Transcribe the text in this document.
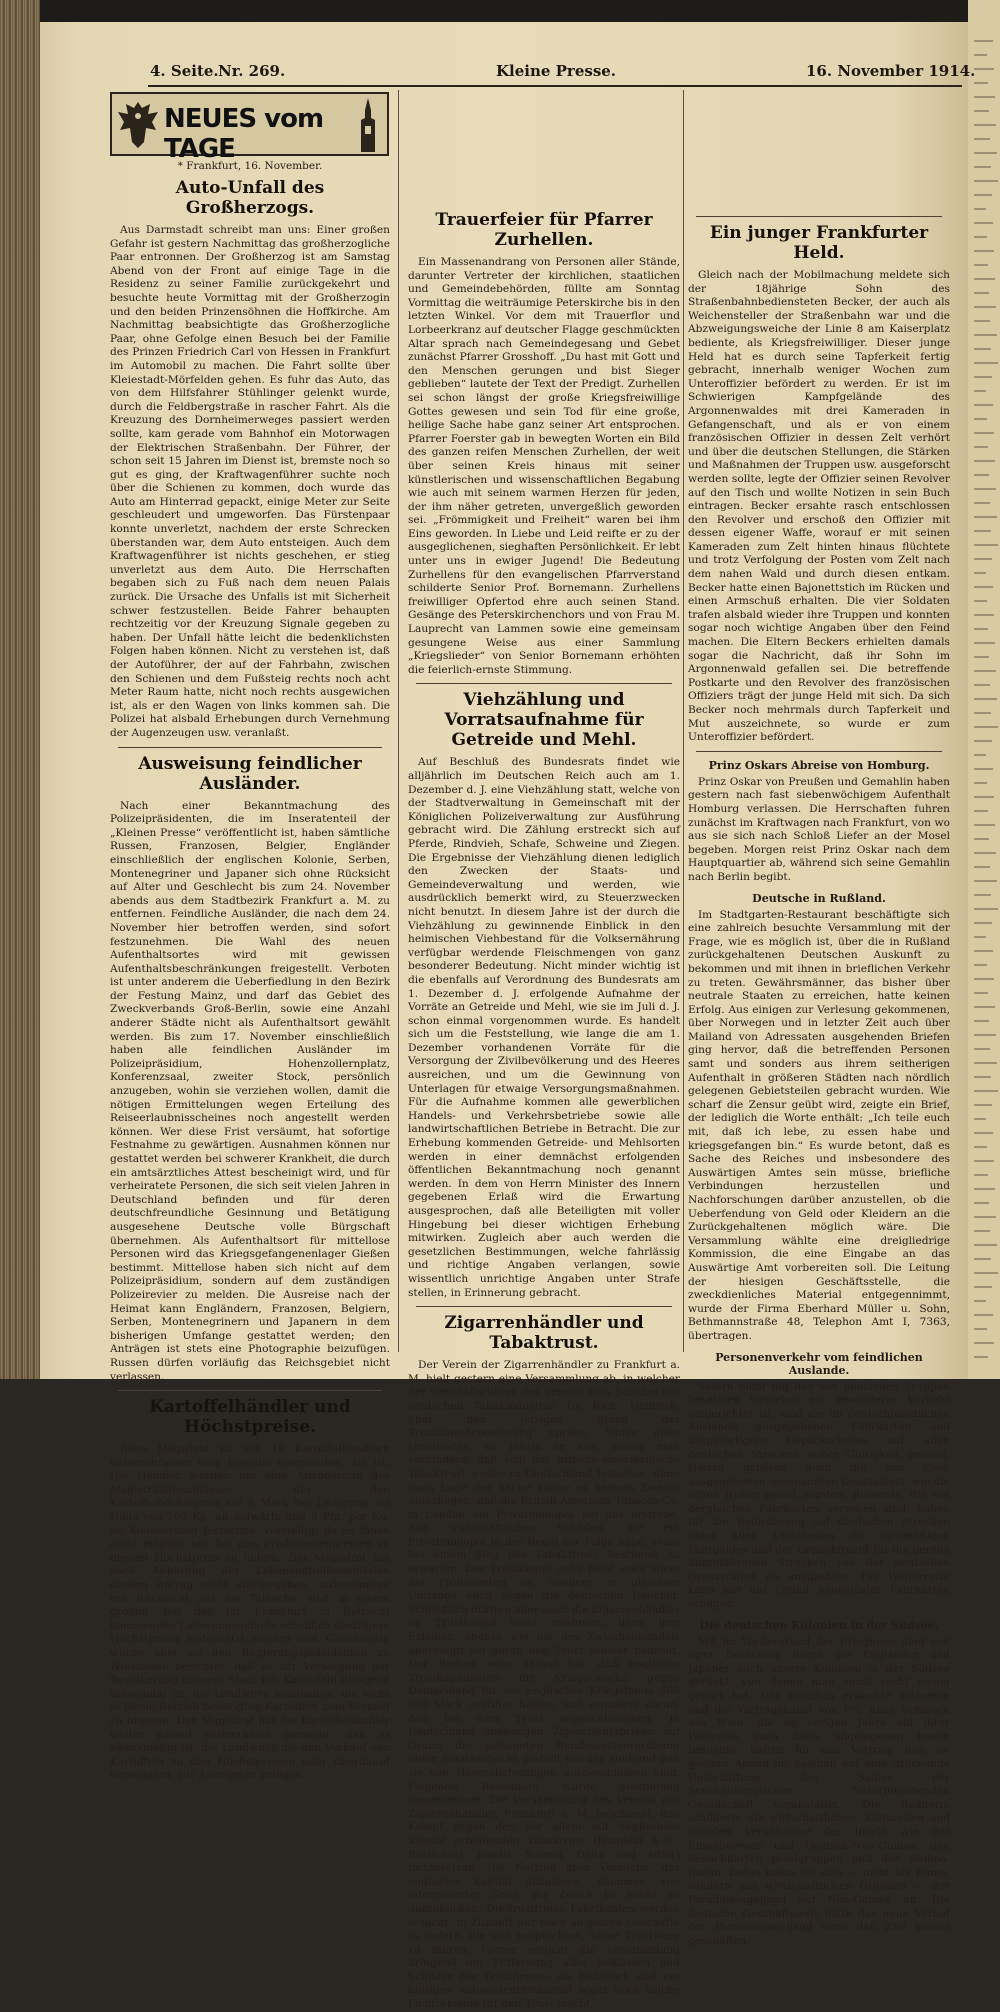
4. Seite. Nr. 269.	Kleine Presse.	16. November 1914.
NEUES vom TAGE
* Frankfurt, 16. November.
Auto-Unfall des Großherzogs.

Aus Darmstadt schreibt man uns: Einer großen Gefahr ist gestern Nachmittag das großherzogliche Paar entronnen. Der Großherzog ist am Samstag Abend von der Front auf einige Tage in die Residenz zu seiner Familie zurückgekehrt und besuchte heute Vormittag mit der Großherzogin und den beiden Prinzensöhnen die Hoffkirche. Am Nachmittag beabsichtigte das Großherzogliche Paar, ohne Gefolge einen Besuch bei der Familie des Prinzen Friedrich Carl von Hessen in Frankfurt im Automobil zu machen. Die Fahrt sollte über Kleiestadt-Mörfelden gehen. Es fuhr das Auto, das von dem Hilfsfahrer Stühlinger gelenkt wurde, durch die Feldbergstraße in rascher Fahrt. Als die Kreuzung des Dornheimerweges passiert werden sollte, kam gerade vom Bahnhof ein Motorwagen der Elektrischen Straßenbahn. Der Führer, der schon seit 15 Jahren im Dienst ist, bremste noch so gut es ging, der Kraftwagenführer suchte noch über die Schienen zu kommen, doch wurde das Auto am Hinterrad gepackt, einige Meter zur Seite geschleudert und umgeworfen. Das Fürstenpaar konnte unverletzt, nachdem der erste Schrecken überstanden war, dem Auto entsteigen. Auch dem Kraftwagenführer ist nichts geschehen, er stieg unverletzt aus dem Auto. Die Herrschaften begaben sich zu Fuß nach dem neuen Palais zurück. Die Ursache des Unfalls ist mit Sicherheit schwer festzustellen. Beide Fahrer behaupten rechtzeitig vor der Kreuzung Signale gegeben zu haben. Der Unfall hätte leicht die bedenklichsten Folgen haben können. Nicht zu verstehen ist, daß der Autoführer, der auf der Fahrbahn, zwischen den Schienen und dem Fußsteig rechts noch acht Meter Raum hatte, nicht noch rechts ausgewichen ist, als er den Wagen von links kommen sah. Die Polizei hat alsbald Erhebungen durch Vernehmung der Augenzeugen usw. veranlaßt.

Ausweisung feindlicher Ausländer.

Nach einer Bekanntmachung des Polizeipräsidenten, die im Inseratenteil der „Kleinen Presse“ veröffentlicht ist, haben sämtliche Russen, Franzosen, Belgier, Engländer einschließlich der englischen Kolonie, Serben, Montenegriner und Japaner sich ohne Rücksicht auf Alter und Geschlecht bis zum 24. November abends aus dem Stadtbezirk Frankfurt a. M. zu entfernen. Feindliche Ausländer, die nach dem 24. November hier betroffen werden, sind sofort festzunehmen. Die Wahl des neuen Aufenthaltsortes wird mit gewissen Aufenthaltsbeschränkungen freigestellt. Verboten ist unter anderem die Ueberfiedlung in den Bezirk der Festung Mainz, und darf das Gebiet des Zweckverbands Groß-Berlin, sowie eine Anzahl anderer Städte nicht als Aufenthaltsort gewählt werden. Bis zum 17. November einschließlich haben alle feindlichen Ausländer im Polizeipräsidium, Hohenzollernplatz, Konferenzsaal, zweiter Stock, persönlich anzugeben, wohin sie verziehen wollen, damit die nötigen Ermittelungen wegen Erteilung des Reiseerlaubnisscheines noch angestellt werden können. Wer diese Frist versäumt, hat sofortige Festnahme zu gewärtigen. Ausnahmen können nur gestattet werden bei schwerer Krankheit, die durch ein amtsärztliches Attest bescheinigt wird, und für verheiratete Personen, die sich seit vielen Jahren in Deutschland befinden und für deren deutschfreundliche Gesinnung und Betätigung ausgesehene Deutsche volle Bürgschaft übernehmen. Als Aufenthaltsort für mittellose Personen wird das Kriegsgefangenenlager Gießen bestimmt. Mittellose haben sich nicht auf dem Polizeipräsidium, sondern auf dem zuständigen Polizeirevier zu melden. Die Ausreise nach der Heimat kann Engländern, Franzosen, Belgiern, Serben, Montenegrinern und Japanern in dem bisherigen Umfange gestattet werden; den Anträgen ist stets eine Photographie beizufügen. Russen dürfen vorläufig das Reichsgebiet nicht verlassen.

Kartoffelhändler und Höchstpreise.

Beim Magistrat ist von 19 Kartoffelhändlern unterschrieben eine Eingabe eingelaufen, die ist: Die Händler werden um eine Abänderung des Magistratsbeschlusses, der den Kartoffelhöchstpreis auf 8 Mark bei Lieferung ins Haus von 100 Kg. an aufwärts und 9 Pfg. per Kg. im Kleinverkauf festsetzte, vorstellig, da es ihnen nicht möglich sei, bei den Produzentenpreisen zu diesem Höchstpreis zu liefern. Der Magistrat hat nach Anhörung der Lebensmittelkommission diesem Antrag nicht stattgegeben, insbesondere mit Rücksicht auf die Tatsache, daß in einem großen Teil des für Frankfurt in Betracht kommenden Lieferungsgebiets erheblich niedrigere Höchstpreise festgesetzt worden sind. Gleichzeitig wurde aber an den Regierungspräsidenten zu Wiesbaden berichtet, daß es zur Versorgung der Bevölkerung unserer Stadt mit Kartoffeln dringend notwendig ist, die Landwirte anzuhalten, die nicht in ihrem Betrieb benötigten Kartoffeln zum Verkauf zu bringen. Der Magistrat hat die Kartoffelhändler weiter darauf aufmerksam gemacht, daß es zweckmäßig ist, die Landwirte die den Verkauf von Kartoffeln zu den Höchstpreisen oder überhaupt verweigern, zur Anzeige zu bringen.

Trauerfeier für Pfarrer Zurhellen.

Ein Massenandrang von Personen aller Stände, darunter Vertreter der kirchlichen, staatlichen und Gemeindebehörden, füllte am Sonntag Vormittag die weiträumige Peterskirche bis in den letzten Winkel. Vor dem mit Trauerflor und Lorbeerkranz auf deutscher Flagge geschmückten Altar sprach nach Gemeindegesang und Gebet zunächst Pfarrer Grosshoff. „Du hast mit Gott und den Menschen gerungen und bist Sieger geblieben“ lautete der Text der Predigt. Zurhellen sei schon längst der große Kriegsfreiwillige Gottes gewesen und sein Tod für eine große, heilige Sache habe ganz seiner Art entsprochen. Pfarrer Foerster gab in bewegten Worten ein Bild des ganzen reifen Menschen Zurhellen, der weit über seinen Kreis hinaus mit seiner künstlerischen und wissenschaftlichen Begabung wie auch mit seinem warmen Herzen für jeden, der ihm näher getreten, unvergeßlich geworden sei. „Frömmigkeit und Freiheit“ waren bei ihm Eins geworden. In Liebe und Leid reifte er zu der ausgeglichenen, sieghaften Persönlichkeit. Er lebt unter uns in ewiger Jugend! Die Bedeutung Zurhellens für den evangelischen Pfarrverstand schilderte Senior Prof. Bornemann. Zurhellens freiwilliger Opfertod ehre auch seinen Stand. Gesänge des Peterskirchenchors und von Frau M. Lauprecht van Lammen sowie eine gemeinsam gesungene Weise aus einer Sammlung „Kriegslieder“ von Senior Bornemann erhöhten die feierlich-ernste Stimmung.

Viehzählung und Vorratsaufnahme für Getreide und Mehl.

Auf Beschluß des Bundesrats findet wie alljährlich im Deutschen Reich auch am 1. Dezember d. J. eine Viehzählung statt, welche von der Stadtverwaltung in Gemeinschaft mit der Königlichen Polizeiverwaltung zur Ausführung gebracht wird. Die Zählung erstreckt sich auf Pferde, Rindvieh, Schafe, Schweine und Ziegen. Die Ergebnisse der Viehzählung dienen lediglich den Zwecken der Staats- und Gemeindeverwaltung und werden, wie ausdrücklich bemerkt wird, zu Steuerzwecken nicht benutzt. In diesem Jahre ist der durch die Viehzählung zu gewinnende Einblick in den heimischen Viehbestand für die Volksernährung verfügbar werdende Fleischmengen von ganz besonderer Bedeutung. Nicht minder wichtig ist die ebenfalls auf Verordnung des Bundesrats am 1. Dezember d. J. erfolgende Aufnahme der Vorräte an Getreide und Mehl, wie sie im Juli d. J. schon einmal vorgenommen wurde. Es handelt sich um die Feststellung, wie lange die am 1. Dezember vorhandenen Vorräte für die Versorgung der Zivilbevölkerung und des Heeres ausreichen, und um die Gewinnung von Unterlagen für etwaige Versorgungsmaßnahmen. Für die Aufnahme kommen alle gewerblichen Handels- und Verkehrsbetriebe sowie alle landwirtschaftlichen Betriebe in Betracht. Die zur Erhebung kommenden Getreide- und Mehlsorten werden in einer demnächst erfolgenden öffentlichen Bekanntmachung noch genannt werden. In dem von Herrn Minister des Innern gegebenen Erlaß wird die Erwartung ausgesprochen, daß alle Beteiligten mit voller Hingebung bei dieser wichtigen Erhebung mitwirken. Zugleich aber auch werden die gesetzlichen Bestimmungen, welche fahrlässig und richtige Angaben verlangen, sowie wissentlich unrichtige Angaben unter Strafe stellen, in Erinnerung gebracht.

Zigarrenhändler und Tabaktrust.

Der Verein der Zigarrenhändler zu Frankfurt a. M. hielt gestern eine Versammlung ab, in welcher der Geschäftsführer des Vereins zum Schutze der deutschen Tabakindustrie, Dr. Rich. Heinrich, über den jetzigen Stand der Trustabwehrbewegung sprach. Unter allen Umständen, so führte er aus, müsse man verhindern, daß sich der britisch-amerikanische Tabaktrust weiter in Deutschland festsetze; denn nach Lage der Sache könne es keinem Zweifel unterliegen, daß die British American Tobacco Co. in London ein Privatmonopol bei uns erstrebe. Alle wirtschaftlichen Schäden, die ein Privatmonopol in der Regel zur Folge habe, seien bei einem Sieg des Tabaktrusts bestimmt zu erwarten. Der Trustkampf gehe nicht etwa allein die Produzenten an, sondern in gleichem Umfange auch gegen die deutschen Raucher. Schließlich dürften aber auch die Zigarrenhändler im Trustkampf nicht erlahmen; denn ihre Existenz, ebenso wie die des Zwischenhandels überhaupt sei durch den Trust schwer bedroht. Der Redner wies darauf hin, daß englische Trustkapitalisten für Kriegszwecke gegen Deutschland für ein englisches Kriegsfonds 500 000 Mark gestiftet hätten, und erinnerte daran, daß bei dem Trust angeschlossenen, in Deutschland ansässigen Zigarettenfabriken auf Grund der bekannten Bundesratsverordnung unter Staatsaufsicht gestellt worden sind und daß sie von Heereslieferungen ausgeschlossen sind. Folgende Resolution wurde einstimmig angenommen: Die Versammlung des Vereins der Zigarrenhändler, Frankfurt a. M. beschließt, den Kampf gegen den vor allem mit englischem Kapital arbeitenden Tabaktrust (Jasmatzi A.-G., Bastichari, Josetti, Sulima, Delta und Adler) fortzusetzen. Die Notizen über Versuche, das englische Kapital abzulösen, stammen von interessierter Seite, ihr Zweck ist leicht zu durchblicken. Die trustfreien Fabrikanten werden ersucht, in Zukunft nur noch an solche Geschäfte zu liefern, die sich verpflichten, keine Trustware zu führen. Ferner ersucht die Versammlung dringend um Entfernung aller Reklamen und Schilder der Trustfirmen; sie bedauert, daß ein hiesiges Automatenrestaurant sogar noch solche Lichtreklame für den Trust macht.

Ein junger Frankfurter Held.

Gleich nach der Mobilmachung meldete sich der 18jährige Sohn des Straßenbahnbediensteten Becker, der auch als Weichensteller der Straßenbahn war und die Abzweigungsweiche der Linie 8 am Kaiserplatz bediente, als Kriegsfreiwilliger. Dieser junge Held hat es durch seine Tapferkeit fertig gebracht, innerhalb weniger Wochen zum Unteroffizier befördert zu werden. Er ist im Schwierigen Kampfgelände des Argonnenwaldes mit drei Kameraden in Gefangenschaft, und als er von einem französischen Offizier in dessen Zelt verhört und über die deutschen Stellungen, die Stärken und Maßnahmen der Truppen usw. ausgeforscht werden sollte, legte der Offizier seinen Revolver auf den Tisch und wollte Notizen in sein Buch eintragen. Becker ersahte rasch entschlossen den Revolver und erschoß den Offizier mit dessen eigener Waffe, worauf er mit seinen Kameraden zum Zelt hinten hinaus flüchtete und trotz Verfolgung der Posten vom Zelt nach dem nahen Wald und durch diesen entkam. Becker hatte einen Bajonettstich im Rücken und einen Armschuß erhalten. Die vier Soldaten trafen alsbald wieder ihre Truppen und konnten sogar noch wichtige Angaben über den Feind machen. Die Eltern Beckers erhielten damals sogar die Nachricht, daß ihr Sohn im Argonnenwald gefallen sei. Die betreffende Postkarte und den Revolver des französischen Offiziers trägt der junge Held mit sich. Da sich Becker noch mehrmals durch Tapferkeit und Mut auszeichnete, so wurde er zum Unteroffizier befördert.

Prinz Oskars Abreise von Homburg.

Prinz Oskar von Preußen und Gemahlin haben gestern nach fast siebenwöchigem Aufenthalt Homburg verlassen. Die Herrschaften fuhren zunächst im Kraftwagen nach Frankfurt, von wo aus sie sich nach Schloß Liefer an der Mosel begeben. Morgen reist Prinz Oskar nach dem Hauptquartier ab, während sich seine Gemahlin nach Berlin begibt.

Deutsche in Rußland.

Im Stadtgarten-Restaurant beschäftigte sich eine zahlreich besuchte Versammlung mit der Frage, wie es möglich ist, über die in Rußland zurückgehaltenen Deutschen Auskunft zu bekommen und mit ihnen in brieflichen Verkehr zu treten. Gewährsmänner, das bisher über neutrale Staaten zu erreichen, hatte keinen Erfolg. Aus einigen zur Verlesung gekommenen, über Norwegen und in letzter Zeit auch über Mailand von Adressaten ausgehenden Briefen ging hervor, daß die betreffenden Personen samt und sonders aus ihrem seitherigen Aufenthalt in größeren Städten nach nördlich gelegenen Gebietsteilen gebracht wurden. Wie scharf die Zensur geübt wird, zeigte ein Brief, der lediglich die Worte enthält: „Ich teile euch mit, daß ich lebe, zu essen habe und kriegsgefangen bin.“ Es wurde betont, daß es Sache des Reiches und insbesondere des Auswärtigen Amtes sein müsse, briefliche Verbindungen herzustellen und Nachforschungen darüber anzustellen, ob die Ueberfendung von Geld oder Kleidern an die Zurückgehaltenen möglich wäre. Die Versammlung wählte eine dreigliedrige Kommission, die eine Eingabe an das Auswärtige Amt vorbereiten soll. Die Leitung der hiesigen Geschäftsstelle, die zweckdienliches Material entgegennimmt, wurde der Firma Eberhard Müller u. Sohn, Bethmannstraße 48, Telephon Amt I, 7363, übertragen.

Personenverkehr vom feindlichen Auslande.

Sofern nicht mit den von deutschen Truppen besetzten Gebieten ein besonderer Verkehr eingerichtet ist, sind die im deutschfeindlichen Auslande ausgegebenen Fahrkarten und ausgefertigten Gepäckscheine auf allen deutschen Strecken außer Gültigkeit gesetzt. Hierzu gehören auch die von Cook ausgegebenen sogenannten Cooktickets, wie die schon früher gelöst wurden. Reisende, die mit dergleichen Fahrkarten versehen sind, haben für die Beförderung auf deutschen Strecken unter allen Umständen die tarifmäßigen Fahrgeldes und der Gepäckfracht für die bereits durchfahrenen Strecken von der deutschen Grenzstation ab anzuzahlen. Die Weiterreise kann nur auf Grund neugelöster Fahrkarten erfolgen.

Die deutschen Kolonien in der Südsee.

Mit im Vordergrund der Ereignisse sind seit ihrer Besetzung durch die Engländer und Japaner auch unsere Kolonien in der Südsee gerückt, von denen man sonst recht wenig gehört hat. Das plötzlich erwachte Interesse und die Vortragskunst von Frl. Alice Schaleck aus Wien, die im vorigen Jahre auf ihrer Weltreise auch diese abgelegenen Inseln besuchte, hatten für den Vortrag, den sie gestern Abend im Saalbau auf eine drückende Unterhaltung des Saales der Senckenbergischen Naturforschenden Gesellschaft veranstaltet. Die Rednerin schilderte die wirtschaftlichen, kulturellen und sozialen Verhältnisse der Inseln wie der Eingeborenen und Deutsch-Neu-Guinea, den benachbarten Inselgruppen und den Samoa-Inseln. Dabei nahm sie sich — nicht als Dame, sondern aus wirtschaftlichen Gründen — der Paradiesvogeljagd auf Neu-Guinea an. Die deutsche Geschäftswelt hätte das neue Verbot der Paradiesvogeljagd ohne daß Ziel hinaus geschaffen.
